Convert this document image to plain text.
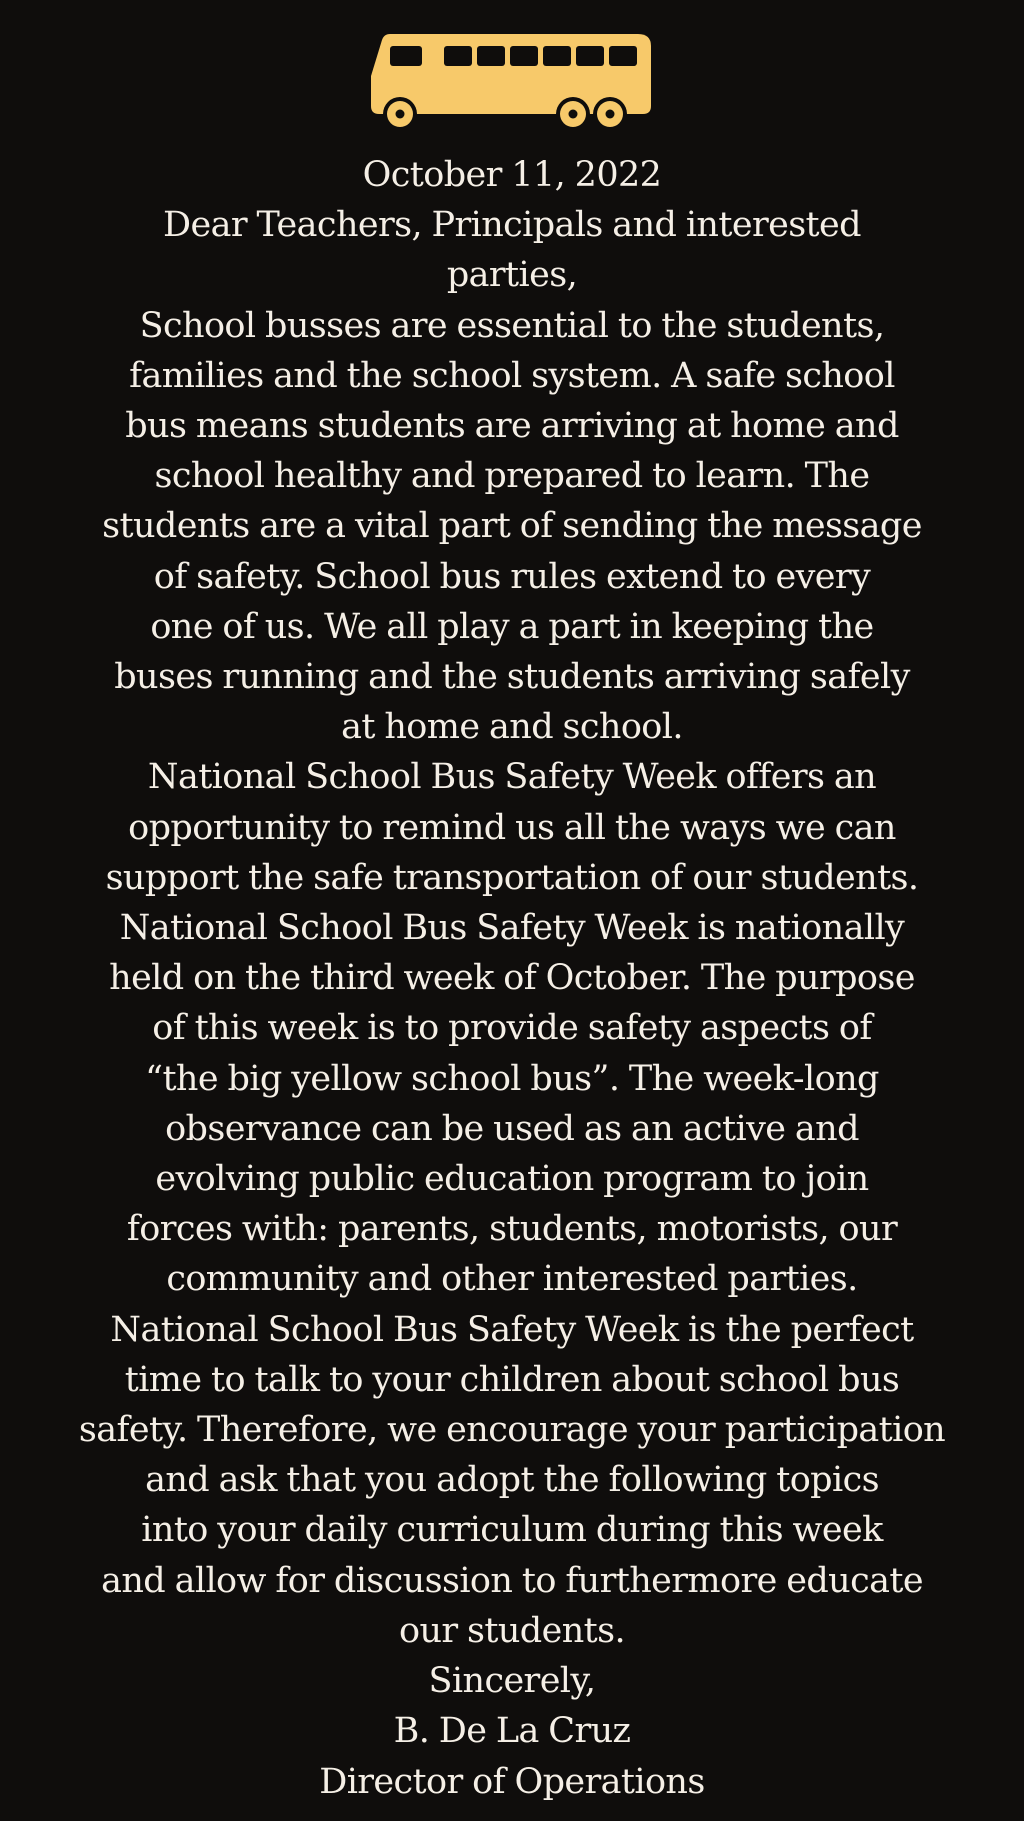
October 11, 2022
Dear Teachers, Principals and interested
parties,
School busses are essential to the students,
families and the school system. A safe school
bus means students are arriving at home and
school healthy and prepared to learn. The
students are a vital part of sending the message
of safety. School bus rules extend to every
one of us. We all play a part in keeping the
buses running and the students arriving safely
at home and school.
National School Bus Safety Week offers an
opportunity to remind us all the ways we can
support the safe transportation of our students.
National School Bus Safety Week is nationally
held on the third week of October. The purpose
of this week is to provide safety aspects of
“the big yellow school bus”. The week-long
observance can be used as an active and
evolving public education program to join
forces with: parents, students, motorists, our
community and other interested parties.
National School Bus Safety Week is the perfect
time to talk to your children about school bus
safety. Therefore, we encourage your participation
and ask that you adopt the following topics
into your daily curriculum during this week
and allow for discussion to furthermore educate
our students.
Sincerely,
B. De La Cruz
Director of Operations
